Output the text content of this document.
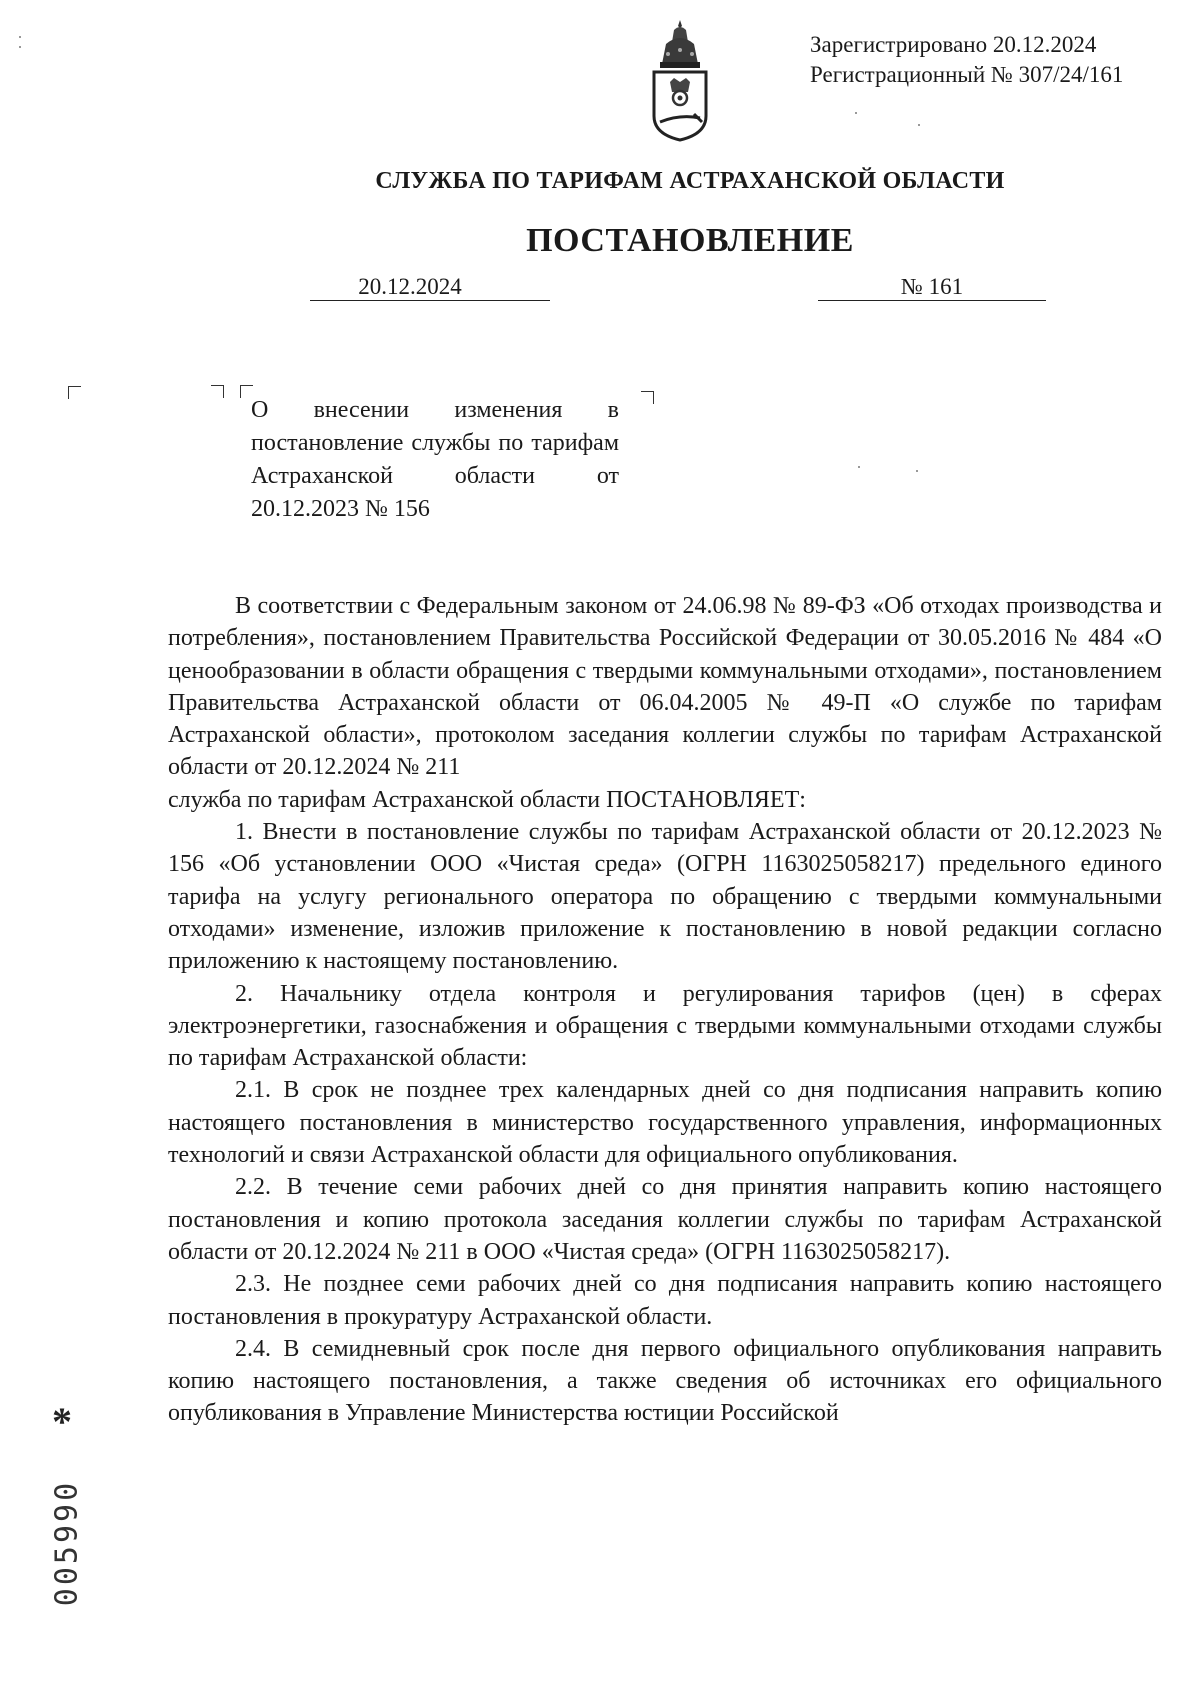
Зарегистрировано 20.12.2024
Регистрационный № 307/24/161
СЛУЖБА ПО ТАРИФАМ АСТРАХАНСКОЙ ОБЛАСТИ
ПОСТАНОВЛЕНИЕ
20.12.2024	№ 161
О внесении изменения в постановление службы по тарифам Астраханской области от 20.12.2023 № 156

В соответствии с Федеральным законом от 24.06.98 № 89-ФЗ «Об отходах производства и потребления», постановлением Правительства Российской Федерации от 30.05.2016 № 484 «О ценообразовании в области обращения с твердыми коммунальными отходами», постановлением Правительства Астраханской области от 06.04.2005 № 49-П «О службе по тарифам Астраханской области», протоколом заседания коллегии службы по тарифам Астраханской области от 20.12.2024 № 211

служба по тарифам Астраханской области ПОСТАНОВЛЯЕТ:

1. Внести в постановление службы по тарифам Астраханской области от 20.12.2023 № 156 «Об установлении ООО «Чистая среда» (ОГРН 1163025058217) предельного единого тарифа на услугу регионального оператора по обращению с твердыми коммунальными отходами» изменение, изложив приложение к постановлению в новой редакции согласно приложению к настоящему постановлению.

2. Начальнику отдела контроля и регулирования тарифов (цен) в сферах электроэнергетики, газоснабжения и обращения с твердыми коммунальными отходами службы по тарифам Астраханской области:

2.1. В срок не позднее трех календарных дней со дня подписания направить копию настоящего постановления в министерство государственного управления, информационных технологий и связи Астраханской области для официального опубликования.

2.2. В течение семи рабочих дней со дня принятия направить копию настоящего постановления и копию протокола заседания коллегии службы по тарифам Астраханской области от 20.12.2024 № 211 в ООО «Чистая среда» (ОГРН 1163025058217).

2.3. Не позднее семи рабочих дней со дня подписания направить копию настоящего постановления в прокуратуру Астраханской области.

2.4. В семидневный срок после дня первого официального опубликования направить копию настоящего постановления, а также сведения об источниках его официального опубликования в Управление Министерства юстиции Российской

*
005990
